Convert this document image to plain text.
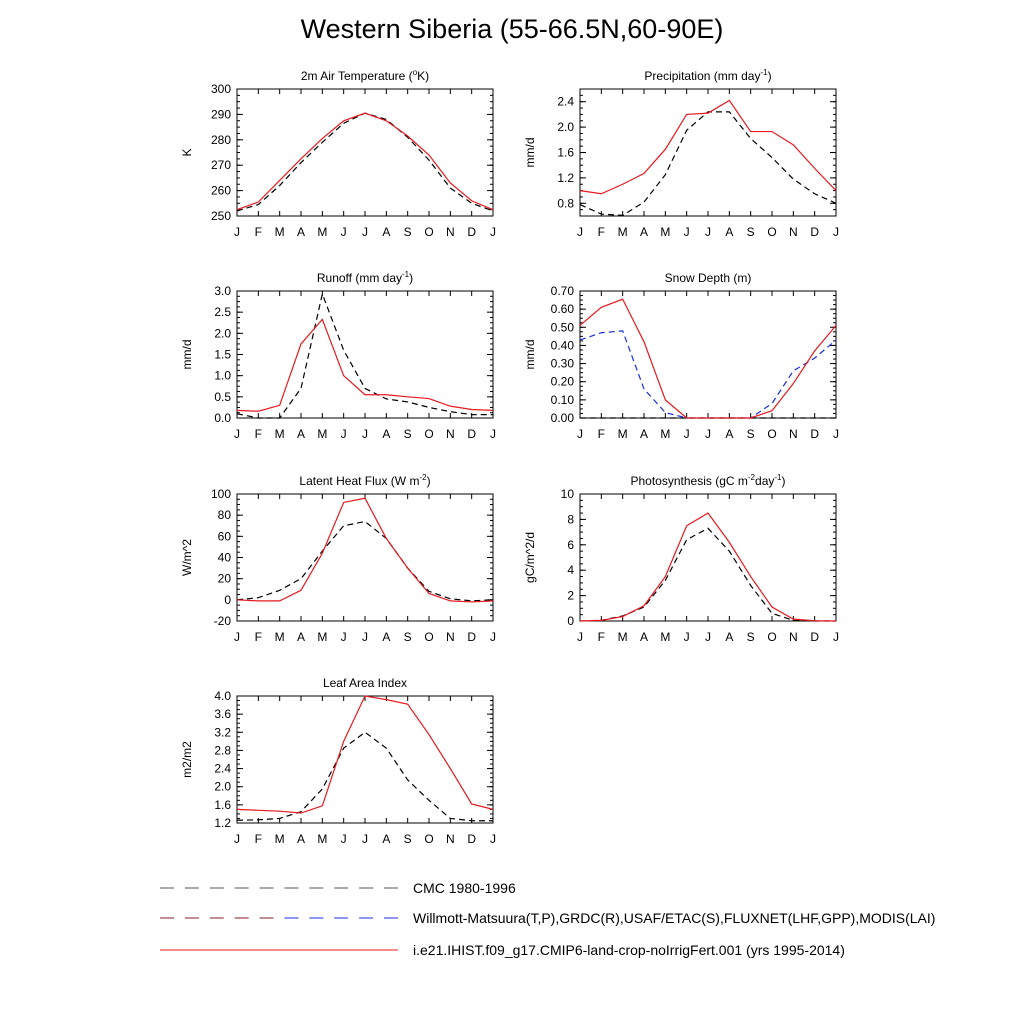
Western Siberia (55-66.5N,60-90E)
2m Air Temperature ($^o$K)
K
J F M A M J J A S O N D J
250
260
270
280
290
300
Precipitation (mm day$^{-1}$)
mm/d
J F M A M J J A S O N D J
0.8
1.2
1.6
2.0
2.4
Runoff (mm day$^{-1}$)
mm/d
J F M A M J J A S O N D J
0.0
0.5
1.0
1.5
2.0
2.5
3.0
Snow Depth (m)
mm/d
J F M A M J J A S O N D J
0.00
0.10
0.20
0.30
0.40
0.50
0.60
0.70
Latent Heat Flux (W $m^{-2}$)
W/m^2
J F M A M J J A S O N D J
-20
0
20
40
60
80
100
Photosynthesis (gC $m^{-2}day^{-1}$)
gC/m^2/d
J F M A M J J A S O N D J
0
2
4
6
8
10
Leaf Area Index
m2/m2
J F M A M J J A S O N D J
1.2
1.6
2.0
2.4
2.8
3.2
3.6
4.0
CMC 1980-1996
Willmott-Matsuura(T,P),GRDC(R),USAF/ETAC(S),FLUXNET(LHF,GPP),MODIS(LAI)
i.e21.IHIST.f09_g17.CMIP6-land-crop-noIrrigFert.001 (yrs 1995-2014)
